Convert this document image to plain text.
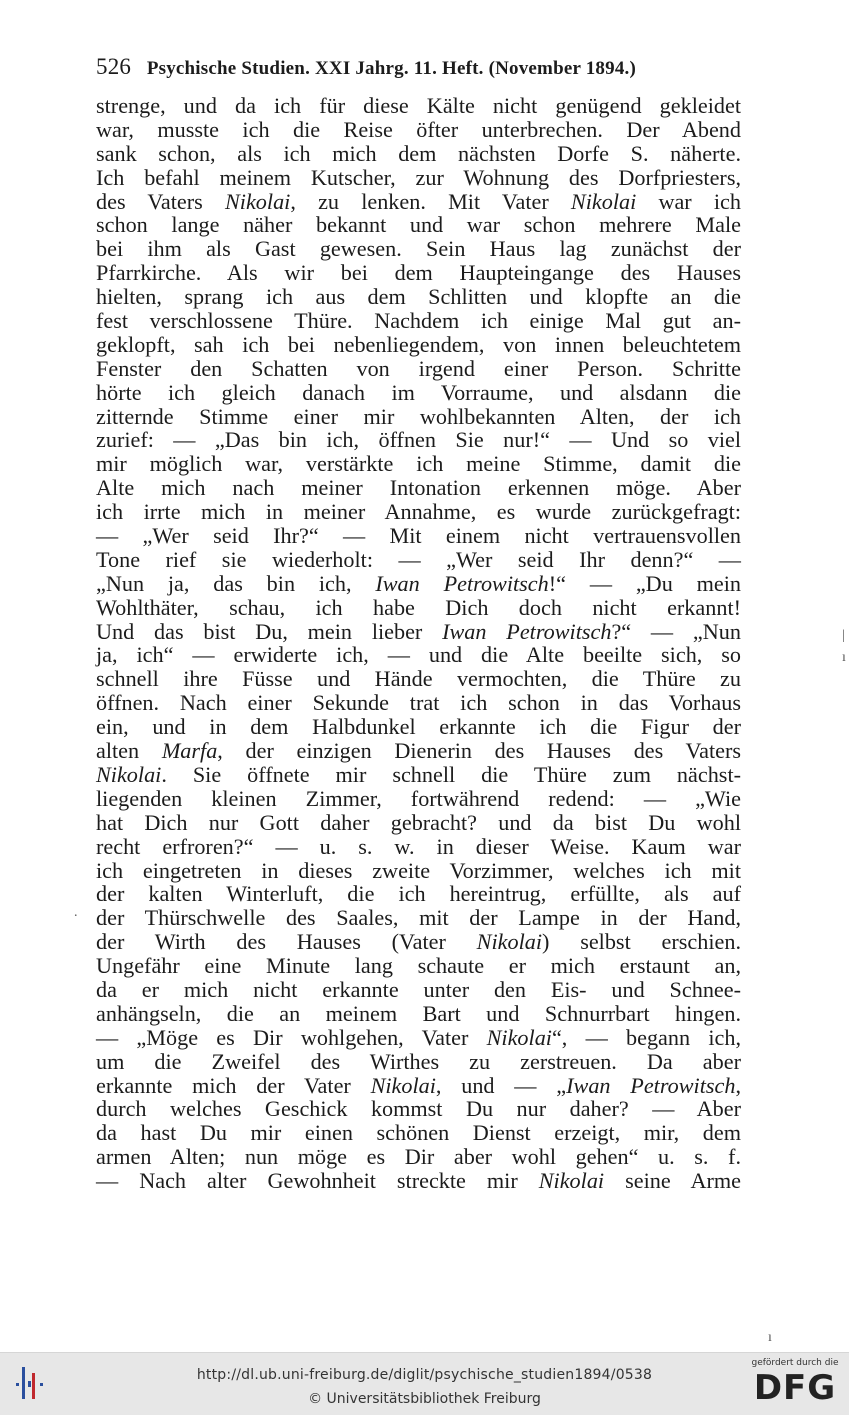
526 Psychische Studien. XXI Jahrg. 11. Heft. (November 1894.)
strenge, und da ich für diese Kälte nicht genügend gekleidet
war, musste ich die Reise öfter unterbrechen. Der Abend
sank schon, als ich mich dem nächsten Dorfe S. näherte.
Ich befahl meinem Kutscher, zur Wohnung des Dorfpriesters,
des Vaters Nikolai, zu lenken. Mit Vater Nikolai war ich
schon lange näher bekannt und war schon mehrere Male
bei ihm als Gast gewesen. Sein Haus lag zunächst der
Pfarrkirche. Als wir bei dem Haupteingange des Hauses
hielten, sprang ich aus dem Schlitten und klopfte an die
fest verschlossene Thüre. Nachdem ich einige Mal gut an-
geklopft, sah ich bei nebenliegendem, von innen beleuchtetem
Fenster den Schatten von irgend einer Person. Schritte
hörte ich gleich danach im Vorraume, und alsdann die
zitternde Stimme einer mir wohlbekannten Alten, der ich
zurief: — „Das bin ich, öffnen Sie nur!“ — Und so viel
mir möglich war, verstärkte ich meine Stimme, damit die
Alte mich nach meiner Intonation erkennen möge. Aber
ich irrte mich in meiner Annahme, es wurde zurückgefragt:
— „Wer seid Ihr?“ — Mit einem nicht vertrauensvollen
Tone rief sie wiederholt: — „Wer seid Ihr denn?“ —
„Nun ja, das bin ich, Iwan Petrowitsch!“ — „Du mein
Wohlthäter, schau, ich habe Dich doch nicht erkannt!
Und das bist Du, mein lieber Iwan Petrowitsch?“ — „Nun
ja, ich“ — erwiderte ich, — und die Alte beeilte sich, so
schnell ihre Füsse und Hände vermochten, die Thüre zu
öffnen. Nach einer Sekunde trat ich schon in das Vorhaus
ein, und in dem Halbdunkel erkannte ich die Figur der
alten Marfa, der einzigen Dienerin des Hauses des Vaters
Nikolai. Sie öffnete mir schnell die Thüre zum nächst-
liegenden kleinen Zimmer, fortwährend redend: — „Wie
hat Dich nur Gott daher gebracht? und da bist Du wohl
recht erfroren?“ — u. s. w. in dieser Weise. Kaum war
ich eingetreten in dieses zweite Vorzimmer, welches ich mit
der kalten Winterluft, die ich hereintrug, erfüllte, als auf
der Thürschwelle des Saales, mit der Lampe in der Hand,
der Wirth des Hauses (Vater Nikolai) selbst erschien.
Ungefähr eine Minute lang schaute er mich erstaunt an,
da er mich nicht erkannte unter den Eis- und Schnee-
anhängseln, die an meinem Bart und Schnurrbart hingen.
— „Möge es Dir wohlgehen, Vater Nikolai“, — begann ich,
um die Zweifel des Wirthes zu zerstreuen. Da aber
erkannte mich der Vater Nikolai, und — „Iwan Petrowitsch,
durch welches Geschick kommst Du nur daher? — Aber
da hast Du mir einen schönen Dienst erzeigt, mir, dem
armen Alten; nun möge es Dir aber wohl gehen“ u. s. f.
— Nach alter Gewohnheit streckte mir Nikolai seine Arme
|
ı
.
ı
http://dl.ub.uni-freiburg.de/diglit/psychische_studien1894/0538
© Universitätsbibliothek Freiburg
gefördert durch die
DFG
